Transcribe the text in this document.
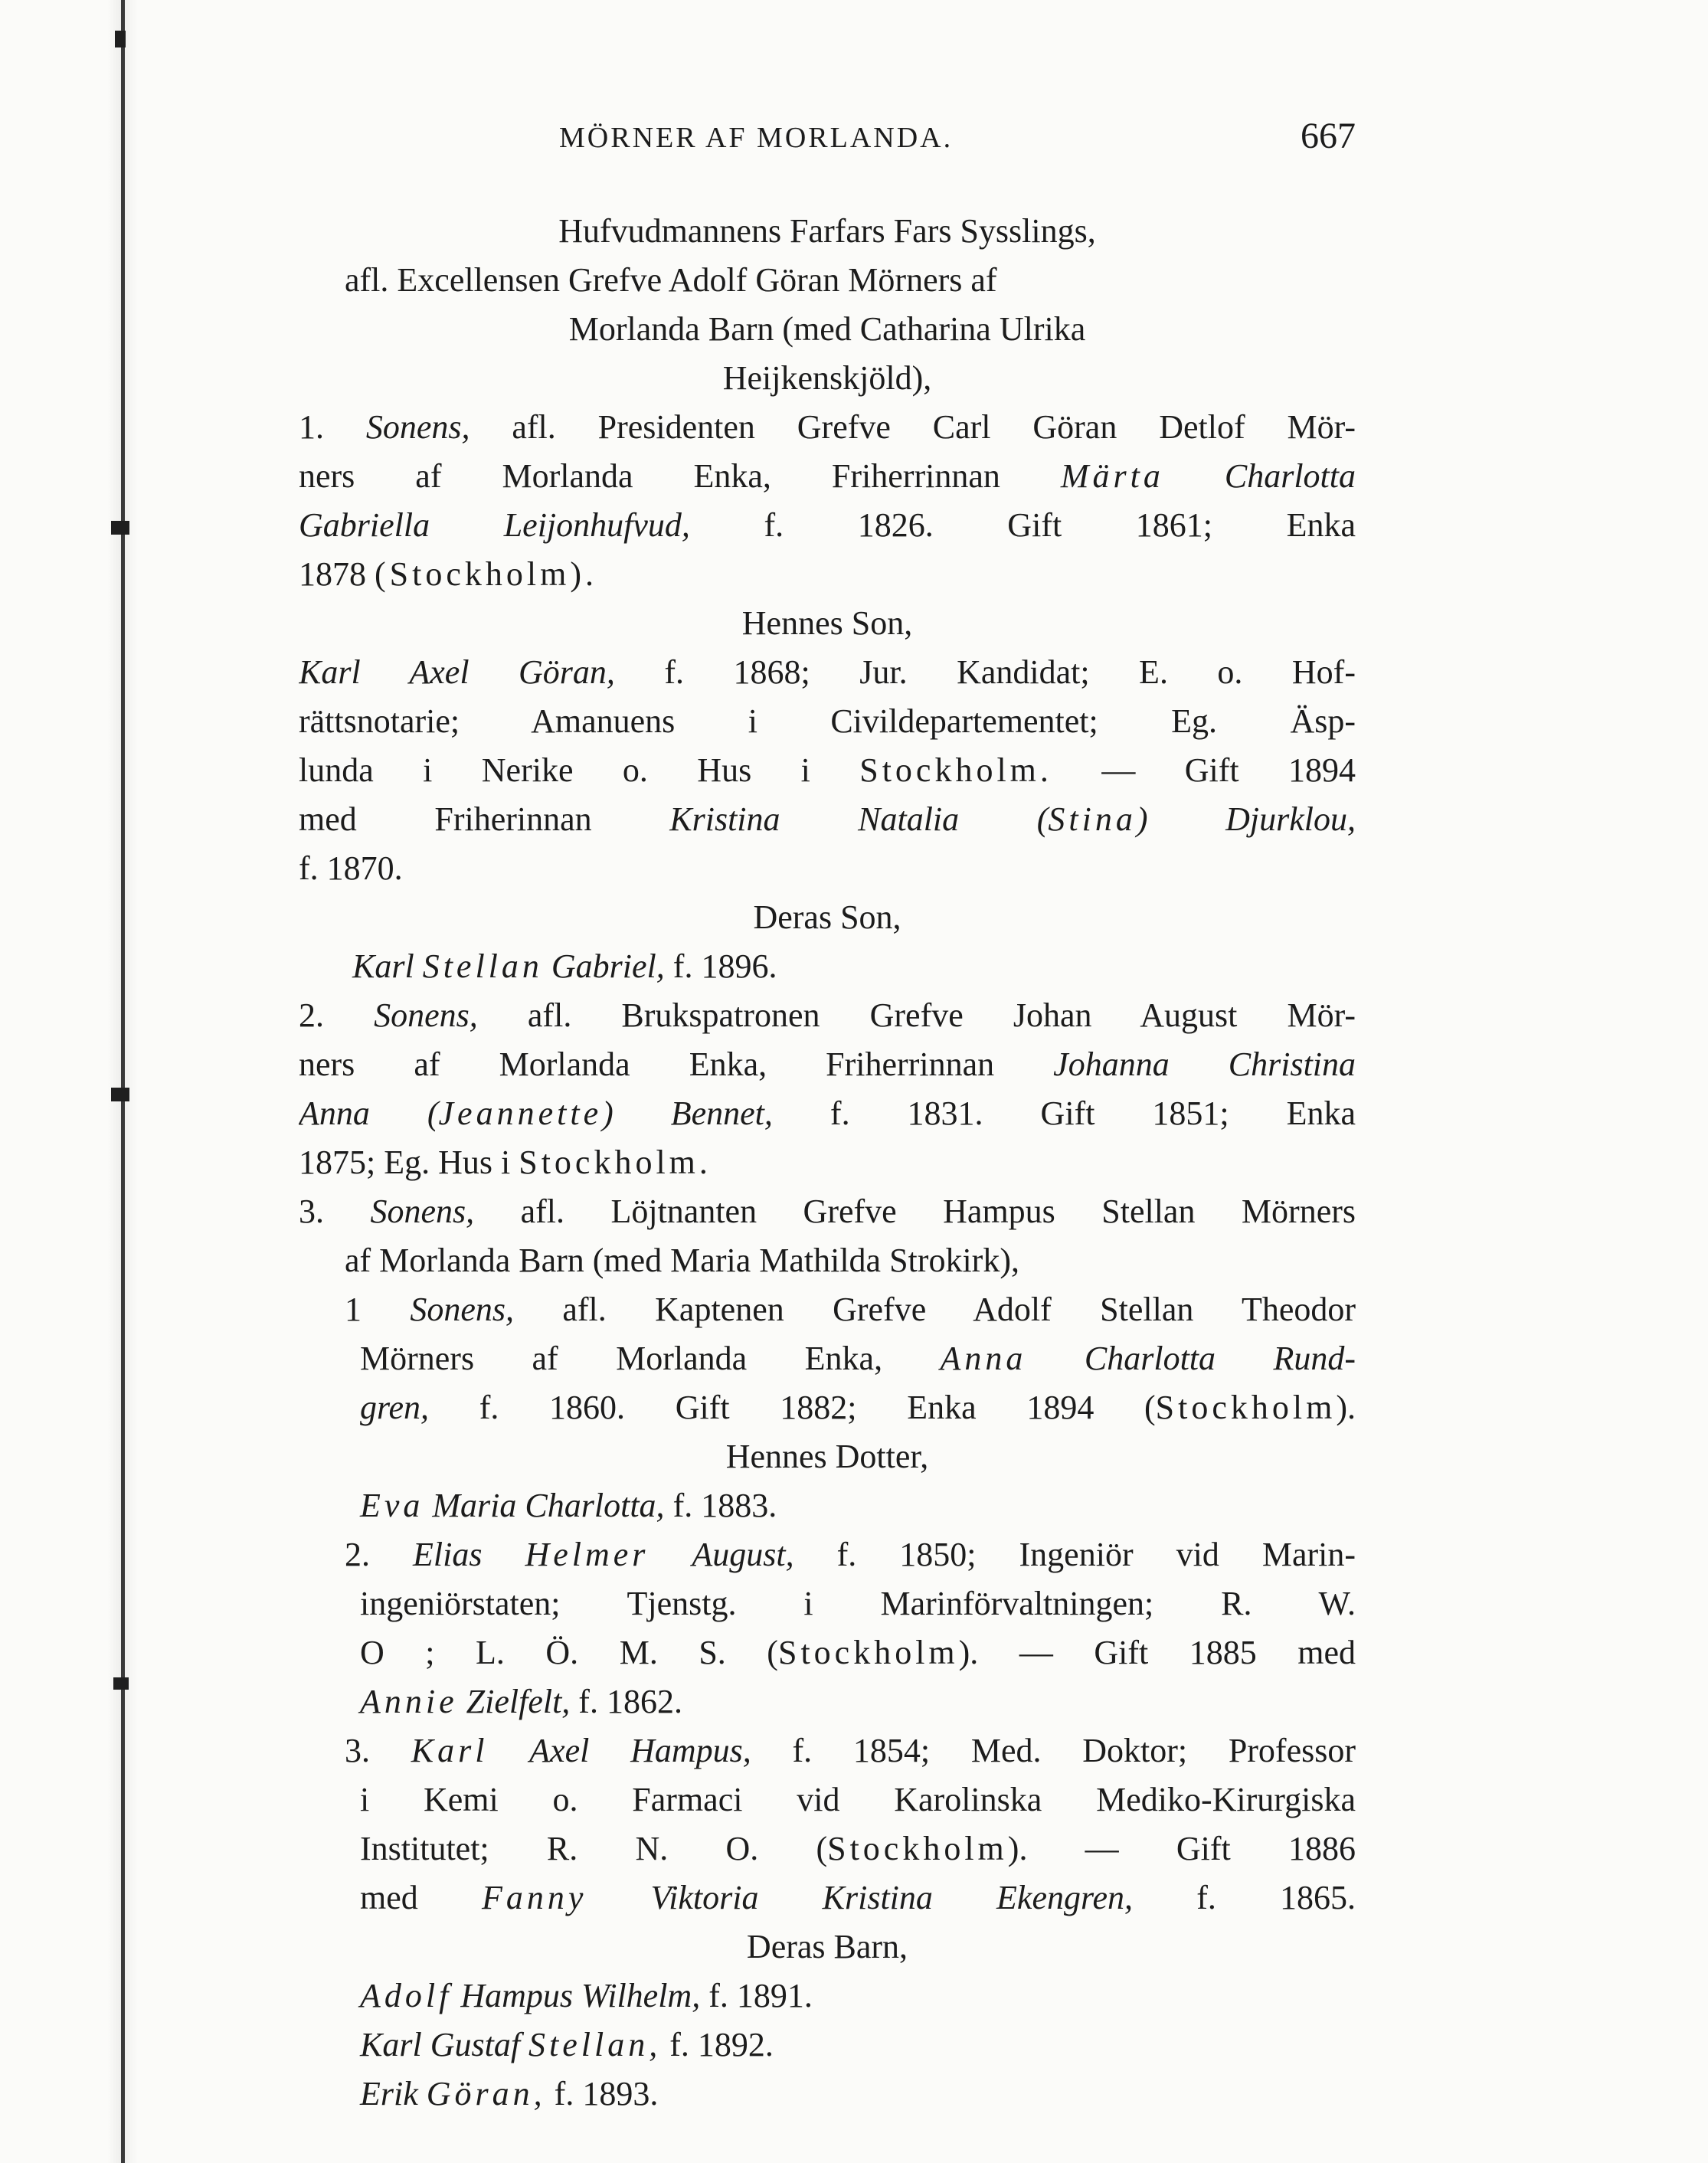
MÖRNER AF MORLANDA.	667
Hufvudmannens Farfars Fars Sysslings,
afl. Excellensen Grefve Adolf Göran Mörners af
Morlanda Barn (med Catharina Ulrika
Heijkenskjöld),
1. Sonens, afl. Presidenten Grefve Carl Göran Detlof Mör-
ners af Morlanda Enka, Friherrinnan Märta Charlotta
Gabriella Leijonhufvud, f. 1826. Gift 1861; Enka
1878 (Stockholm).
Hennes Son,
Karl Axel Göran, f. 1868; Jur. Kandidat; E. o. Hof-
rättsnotarie; Amanuens i Civildepartementet; Eg. Äsp-
lunda i Nerike o. Hus i Stockholm. — Gift 1894
med Friherinnan Kristina Natalia (Stina) Djurklou,
f. 1870.
Deras Son,
Karl Stellan Gabriel, f. 1896.
2. Sonens, afl. Brukspatronen Grefve Johan August Mör-
ners af Morlanda Enka, Friherrinnan Johanna Christina
Anna (Jeannette) Bennet, f. 1831. Gift 1851; Enka
1875; Eg. Hus i Stockholm.
3. Sonens, afl. Löjtnanten Grefve Hampus Stellan Mörners
af Morlanda Barn (med Maria Mathilda Strokirk),
1 Sonens, afl. Kaptenen Grefve Adolf Stellan Theodor
Mörners af Morlanda Enka, Anna Charlotta Rund-
gren, f. 1860. Gift 1882; Enka 1894 (Stockholm).
Hennes Dotter,
Eva Maria Charlotta, f. 1883.
2. Elias Helmer August, f. 1850; Ingeniör vid Marin-
ingeniörstaten; Tjenstg. i Marinförvaltningen; R. W.
O ; L. Ö. M. S. (Stockholm). — Gift 1885 med
Annie Zielfelt, f. 1862.
3. Karl Axel Hampus, f. 1854; Med. Doktor; Professor
i Kemi o. Farmaci vid Karolinska Mediko-Kirurgiska
Institutet; R. N. O. (Stockholm). — Gift 1886
med Fanny Viktoria Kristina Ekengren, f. 1865.
Deras Barn,
Adolf Hampus Wilhelm, f. 1891.
Karl Gustaf Stellan, f. 1892.
Erik Göran, f. 1893.
